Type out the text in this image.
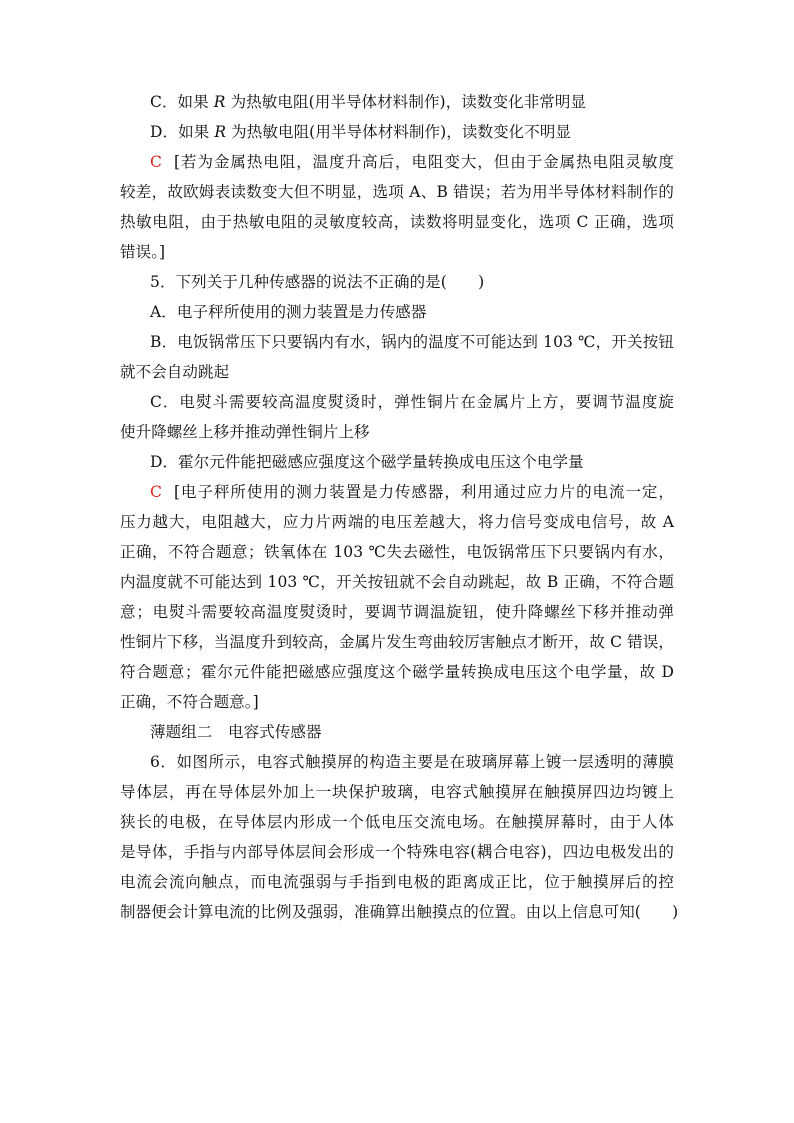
C．如果 R 为热敏电阻(用半导体材料制作)，读数变化非常明显
D．如果 R 为热敏电阻(用半导体材料制作)，读数变化不明显
C [若为金属热电阻，温度升高后，电阻变大，但由于金属热电阻灵敏度
较差，故欧姆表读数变大但不明显，选项 A、B 错误；若为用半导体材料制作的
热敏电阻，由于热敏电阻的灵敏度较高，读数将明显变化，选项 C 正确，选项
错误。]
5．下列关于几种传感器的说法不正确的是(　　)
A．电子秤所使用的测力装置是力传感器
B．电饭锅常压下只要锅内有水，锅内的温度不可能达到 103 ℃，开关按钮
就不会自动跳起
C．电熨斗需要较高温度熨烫时，弹性铜片在金属片上方，要调节温度旋
使升降螺丝上移并推动弹性铜片上移
D．霍尔元件能把磁感应强度这个磁学量转换成电压这个电学量
C [电子秤所使用的测力装置是力传感器，利用通过应力片的电流一定，
压力越大，电阻越大，应力片两端的电压差越大，将力信号变成电信号，故 A
正确，不符合题意；铁氧体在 103 ℃失去磁性，电饭锅常压下只要锅内有水，
内温度就不可能达到 103 ℃，开关按钮就不会自动跳起，故 B 正确，不符合题
意；电熨斗需要较高温度熨烫时，要调节调温旋钮，使升降螺丝下移并推动弹
性铜片下移，当温度升到较高，金属片发生弯曲较厉害触点才断开，故 C 错误，
符合题意；霍尔元件能把磁感应强度这个磁学量转换成电压这个电学量，故 D
正确，不符合题意。]
薄题组二　电容式传感器
6．如图所示，电容式触摸屏的构造主要是在玻璃屏幕上镀一层透明的薄膜
导体层，再在导体层外加上一块保护玻璃，电容式触摸屏在触摸屏四边均镀上
狭长的电极，在导体层内形成一个低电压交流电场。在触摸屏幕时，由于人体
是导体，手指与内部导体层间会形成一个特殊电容(耦合电容)，四边电极发出的
电流会流向触点，而电流强弱与手指到电极的距离成正比，位于触摸屏后的控
制器便会计算电流的比例及强弱，准确算出触摸点的位置。由以上信息可知(　　)
